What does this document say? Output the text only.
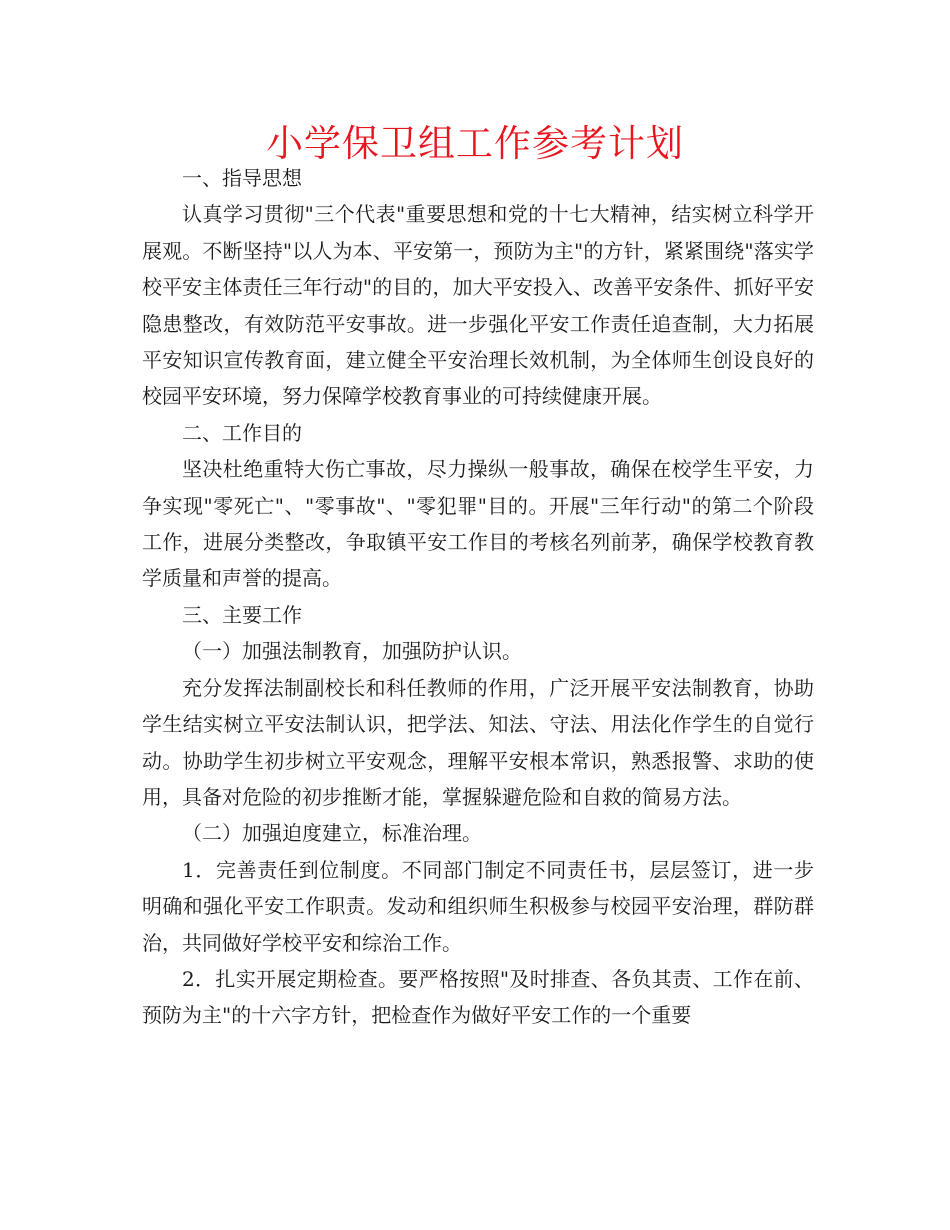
小学保卫组工作参考计划

一、指导思想

认真学习贯彻"三个代表"重要思想和党的十七大精神，结实树立科学开展观。不断坚持"以人为本、平安第一，预防为主"的方针，紧紧围绕"落实学校平安主体责任三年行动"的目的，加大平安投入、改善平安条件、抓好平安隐患整改，有效防范平安事故。进一步强化平安工作责任追查制，大力拓展平安知识宣传教育面，建立健全平安治理长效机制，为全体师生创设良好的校园平安环境，努力保障学校教育事业的可持续健康开展。

二、工作目的

坚决杜绝重特大伤亡事故，尽力操纵一般事故，确保在校学生平安，力争实现"零死亡"、"零事故"、"零犯罪"目的。开展"三年行动"的第二个阶段工作，进展分类整改，争取镇平安工作目的考核名列前茅，确保学校教育教学质量和声誉的提高。

三、主要工作

（一）加强法制教育，加强防护认识。

充分发挥法制副校长和科任教师的作用，广泛开展平安法制教育，协助学生结实树立平安法制认识，把学法、知法、守法、用法化作学生的自觉行动。协助学生初步树立平安观念，理解平安根本常识，熟悉报警、求助的使用，具备对危险的初步推断才能，掌握躲避危险和自救的简易方法。

（二）加强迫度建立，标准治理。

1．完善责任到位制度。不同部门制定不同责任书，层层签订，进一步明确和强化平安工作职责。发动和组织师生积极参与校园平安治理，群防群治，共同做好学校平安和综治工作。

2．扎实开展定期检查。要严格按照"及时排查、各负其责、工作在前、预防为主"的十六字方针，把检查作为做好平安工作的一个重要
